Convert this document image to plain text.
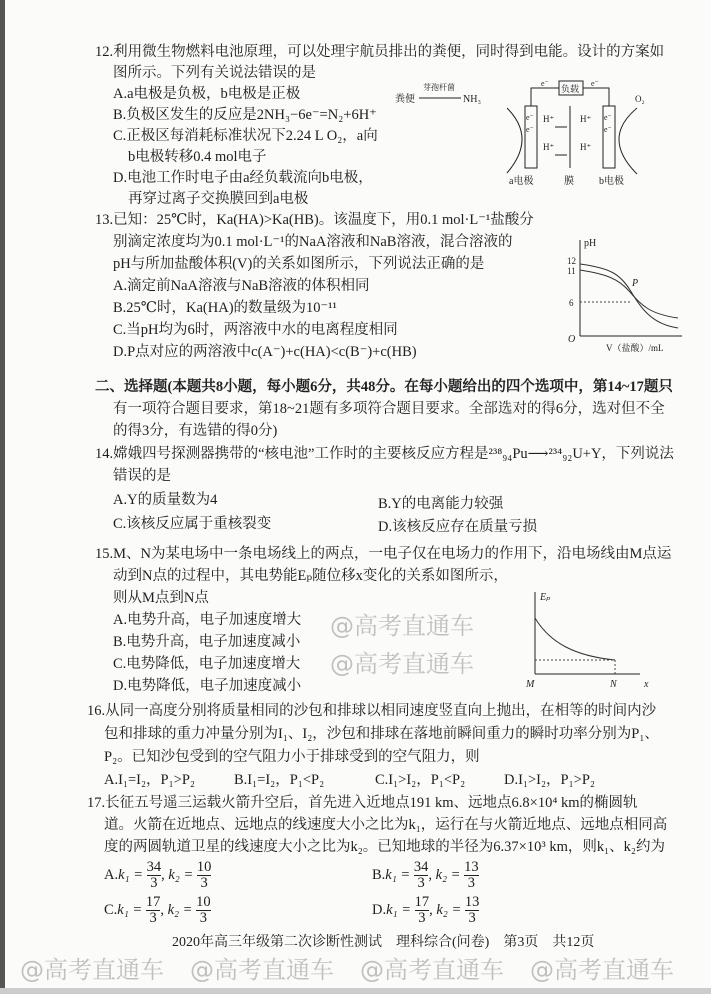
12.利用微生物燃料电池原理，可以处理宇航员排出的粪便，同时得到电能。设计的方案如
图所示。下列有关说法错误的是
A.a电极是负极，b电极是正极
B.负极区发生的反应是2NH₃−6e⁻=N₂+6H⁺
C.正极区每消耗标准状况下2.24 L O₂，a向
b电极转移0.4 mol电子
D.电池工作时电子由a经负载流向b电极，
再穿过离子交换膜回到a电极
粪便
芽孢杆菌
NH₃
负载
e⁻	e⁻
e⁻
e⁻
e⁻
e⁻
H⁺	H⁺
H⁺	H⁺
O₂
a电极	膜	b电极
13.已知：25℃时，Ka(HA)>Ka(HB)。该温度下，用0.1 mol·L⁻¹盐酸分
别滴定浓度均为0.1 mol·L⁻¹的NaA溶液和NaB溶液，混合溶液的
pH与所加盐酸体积(V)的关系如图所示，下列说法正确的是
A.滴定前NaA溶液与NaB溶液的体积相同
B.25℃时，Ka(HA)的数量级为10⁻¹¹
C.当pH均为6时，两溶液中水的电离程度相同
D.P点对应的两溶液中c(A⁻)+c(HA)<c(B⁻)+c(HB)
pH
12
11
6
O
P
V（盐酸）/mL
二、选择题(本题共8小题，每小题6分，共48分。在每小题给出的四个选项中，第14~17题只
有一项符合题目要求，第18~21题有多项符合题目要求。全部选对的得6分，选对但不全
的得3分，有选错的得0分)
14.嫦娥四号探测器携带的“核电池”工作时的主要核反应方程是²³⁸₉₄Pu⟶²³⁴₉₂U+Y，下列说法
错误的是
A.Y的质量数为4	B.Y的电离能力较强
C.该核反应属于重核裂变	D.该核反应存在质量亏损
15.M、N为某电场中一条电场线上的两点，一电子仅在电场力的作用下，沿电场线由M点运
动到N点的过程中，其电势能Eₚ随位移x变化的关系如图所示，
则从M点到N点
A.电势升高，电子加速度增大
B.电势升高，电子加速度减小
C.电势降低，电子加速度增大
D.电势降低，电子加速度减小
Eₚ
M	N	x
16.从同一高度分别将质量相同的沙包和排球以相同速度竖直向上抛出，在相等的时间内沙
包和排球的重力冲量分别为I₁、I₂，沙包和排球在落地前瞬间重力的瞬时功率分别为P₁、
P₂。已知沙包受到的空气阻力小于排球受到的空气阻力，则
A.I₁=I₂，P₁>P₂	B.I₁=I₂，P₁<P₂	C.I₁>I₂，P₁<P₂	D.I₁>I₂，P₁>P₂
17.长征五号遥三运载火箭升空后，首先进入近地点191 km、远地点6.8×10⁴ km的椭圆轨
道。火箭在近地点、远地点的线速度大小之比为k₁，运行在与火箭近地点、远地点相同高
度的两圆轨道卫星的线速度大小之比为k₂。已知地球的半径为6.37×10³ km，则k₁、k₂约为
$A.k_1 = \frac{34}{3}$ , $k_2 = \frac{10}{3}$	$B.k_1 = \frac{34}{3}$ , $k_2 = \frac{13}{3}$
$C.k_1 = \frac{17}{3}$ , $k_2 = \frac{10}{3}$	$D.k_1 = \frac{17}{3}$ , $k_2 = \frac{13}{3}$
2020年高三年级第二次诊断性测试　理科综合(问卷)　第3页　共12页
@高考直通车
@高考直通车
@高考直通车 @高考直通车 @高考直通车 @高考直通车
